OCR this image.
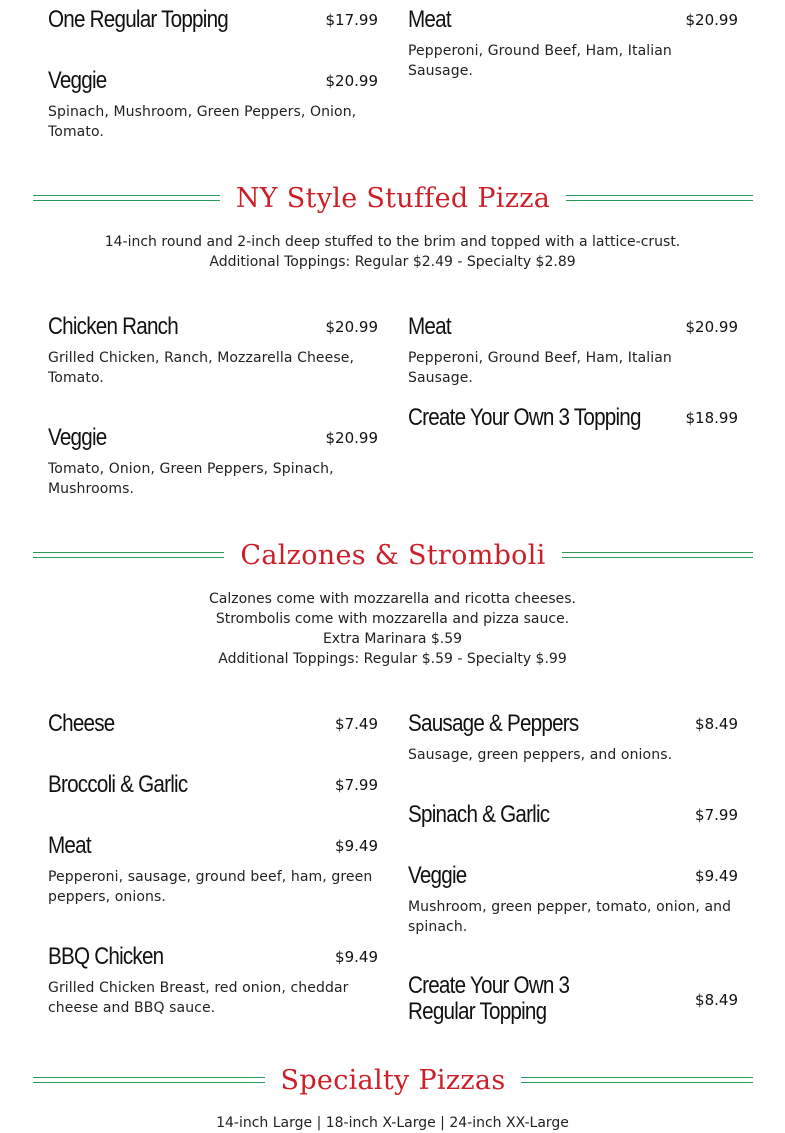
One Regular Topping	$17.99 Meat	$20.99
Pepperoni, Ground Beef, Ham, Italian Sausage.
Veggie	$20.99
Spinach, Mushroom, Green Peppers, Onion, Tomato.
NY Style Stuffed Pizza
14-inch round and 2-inch deep stuffed to the brim and topped with a lattice-crust.
Additional Toppings: Regular $2.49 - Specialty $2.89
Chicken Ranch	$20.99
Grilled Chicken, Ranch, Mozzarella Cheese, Tomato.
Meat	$20.99
Pepperoni, Ground Beef, Ham, Italian Sausage.
Veggie	$20.99
Tomato, Onion, Green Peppers, Spinach, Mushrooms.
Create Your Own 3 Topping	$18.99
Calzones & Stromboli
Calzones come with mozzarella and ricotta cheeses.
Strombolis come with mozzarella and pizza sauce.
Extra Marinara $.59
Additional Toppings: Regular $.59 - Specialty $.99
Cheese	$7.49 Sausage & Peppers	$8.49
Sausage, green peppers, and onions.
Broccoli & Garlic	$7.99
Spinach & Garlic	$7.99
Meat	$9.49
Pepperoni, sausage, ground beef, ham, green peppers, onions.
Veggie	$9.49
Mushroom, green pepper, tomato, onion, and spinach.
BBQ Chicken	$9.49
Grilled Chicken Breast, red onion, cheddar cheese and BBQ sauce.
Create Your Own 3 Regular Topping	$8.49
Specialty Pizzas
14-inch Large | 18-inch X-Large | 24-inch XX-Large
